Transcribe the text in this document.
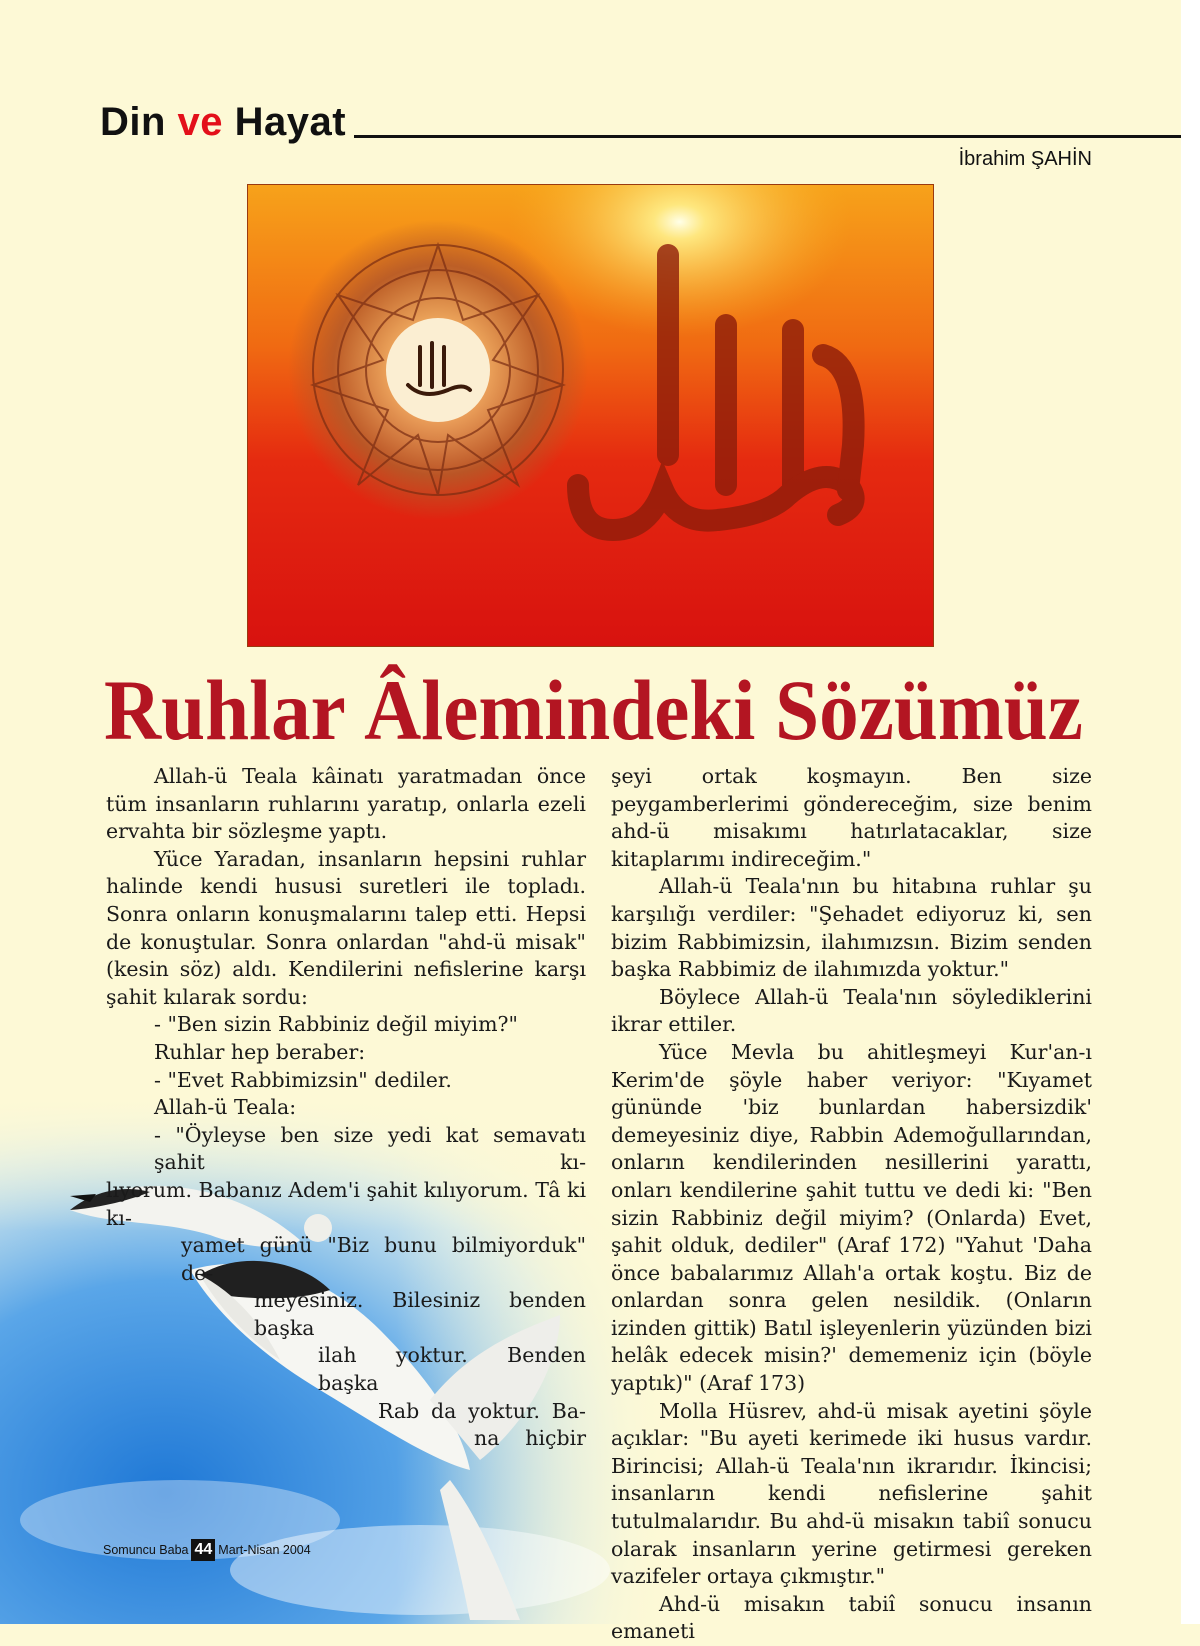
Din ve Hayat
İbrahim ŞAHİN
Ruhlar Âlemindeki Sözümüz

Allah-ü Teala kâinatı yaratmadan önce tüm insanların ruhlarını yaratıp, onlarla ezeli ervahta bir sözleşme yaptı.

Yüce Yaradan, insanların hepsini ruhlar halinde kendi hususi suretleri ile topladı. Sonra onların konuşmalarını talep etti. Hepsi de konuştular. Sonra onlardan "ahd-ü misak" (kesin söz) aldı. Kendilerini nefislerine karşı şahit kılarak sordu:

- "Ben sizin Rabbiniz değil miyim?"

Ruhlar hep beraber:

- "Evet Rabbimizsin" dediler.

Allah-ü Teala:

- "Öyleyse ben size yedi kat semavatı şahit kı-
lıyorum. Babanız Adem'i şahit kılıyorum. Tâ ki kı-
yamet günü "Biz bunu bilmiyorduk" de-
meyesiniz. Bilesiniz benden başka
ilah yoktur. Benden başka
Rab da yoktur. Ba-
na hiçbir

şeyi ortak koşmayın. Ben size peygamberlerimi göndereceğim, size benim ahd-ü misakımı hatırlatacaklar, size kitaplarımı indireceğim."

Allah-ü Teala'nın bu hitabına ruhlar şu karşılığı verdiler: "Şehadet ediyoruz ki, sen bizim Rabbimizsin, ilahımızsın. Bizim senden başka Rabbimiz de ilahımızda yoktur."

Böylece Allah-ü Teala'nın söylediklerini ikrar ettiler.

Yüce Mevla bu ahitleşmeyi Kur'an-ı Kerim'de şöyle haber veriyor: "Kıyamet gününde 'biz bunlardan habersizdik' demeyesiniz diye, Rabbin Ademoğullarından, onların kendilerinden nesillerini yarattı, onları kendilerine şahit tuttu ve dedi ki: "Ben sizin Rabbiniz değil miyim? (Onlarda) Evet, şahit olduk, dediler" (Araf 172) "Yahut 'Daha önce babalarımız Allah'a ortak koştu. Biz de onlardan sonra gelen nesildik. (Onların izinden gittik) Batıl işleyenlerin yüzünden bizi helâk edecek misin?' dememeniz için (böyle yaptık)" (Araf 173)

Molla Hüsrev, ahd-ü misak ayetini şöyle açıklar: "Bu ayeti kerimede iki husus vardır. Birincisi; Allah-ü Teala'nın ikrarıdır. İkincisi; insanların kendi nefislerine şahit tutulmalarıdır. Bu ahd-ü misakın tabiî sonucu olarak insanların yerine getirmesi gereken vazifeler ortaya çıkmıştır."

Ahd-ü misakın tabiî sonucu insanın emaneti

Somuncu Baba 44 Mart-Nisan 2004
